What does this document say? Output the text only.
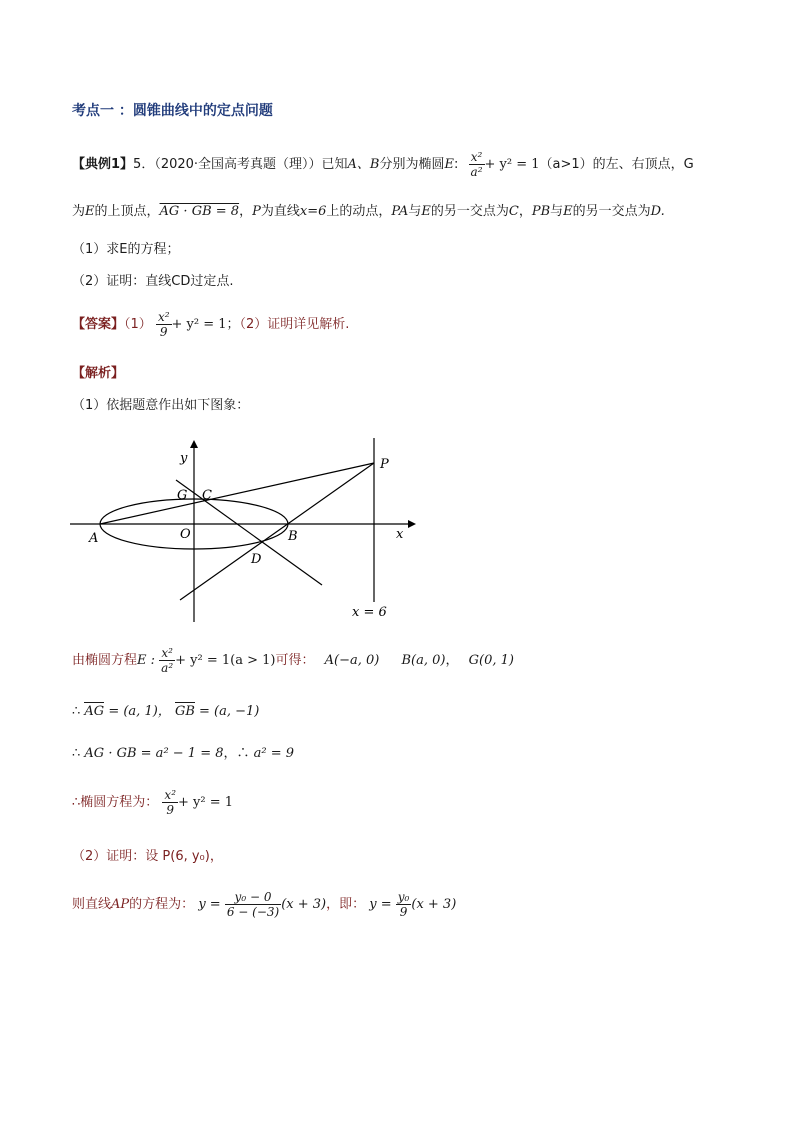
考点一 ：圆锥曲线中的定点问题
【典例1】5．（2020·全国高考真题（理））已知A、B分别为椭圆E: $\frac{\text{x²}}{\text{a²}} + y^2 = 1(a>1)$的左、右顶点，G
为E的上顶点，AG · GB = 8，P为直线x=6上的动点，PA与E的另一交点为C，PB与E的另一交点为D.
（1）求E的方程；
（2）证明：直线CD过定点.
【答案】$(1) \frac{\text{x²}}{9} + y^2 = 1$；（2）证明详见解析.
【解析】
（1）依据题意作出如下图象：
y
x
G C
A	O	B
D
P
x = 6
由椭圆方程E : $\frac{\text{x²}}{\text{a²}} + y^2 = 1(a > 1)$可得： A(−a, 0) B(a, 0)， G(0, 1)
∴ AG = (a, 1)， GB = (a, −1)
∴ AG · GB = a² − 1 = 8，∴ a² = 9
∴椭圆方程为： $\frac{\text{x²}}{9} + y^2 = 1$
（2）证明：设 P(6, y₀)，
则直线AP的方程为： $y = \frac{\text{y₀ − 0}}{6 - (-3)} (x + 3)$，即： $y = \frac{\text{y₀}}{9} (x + 3)$
